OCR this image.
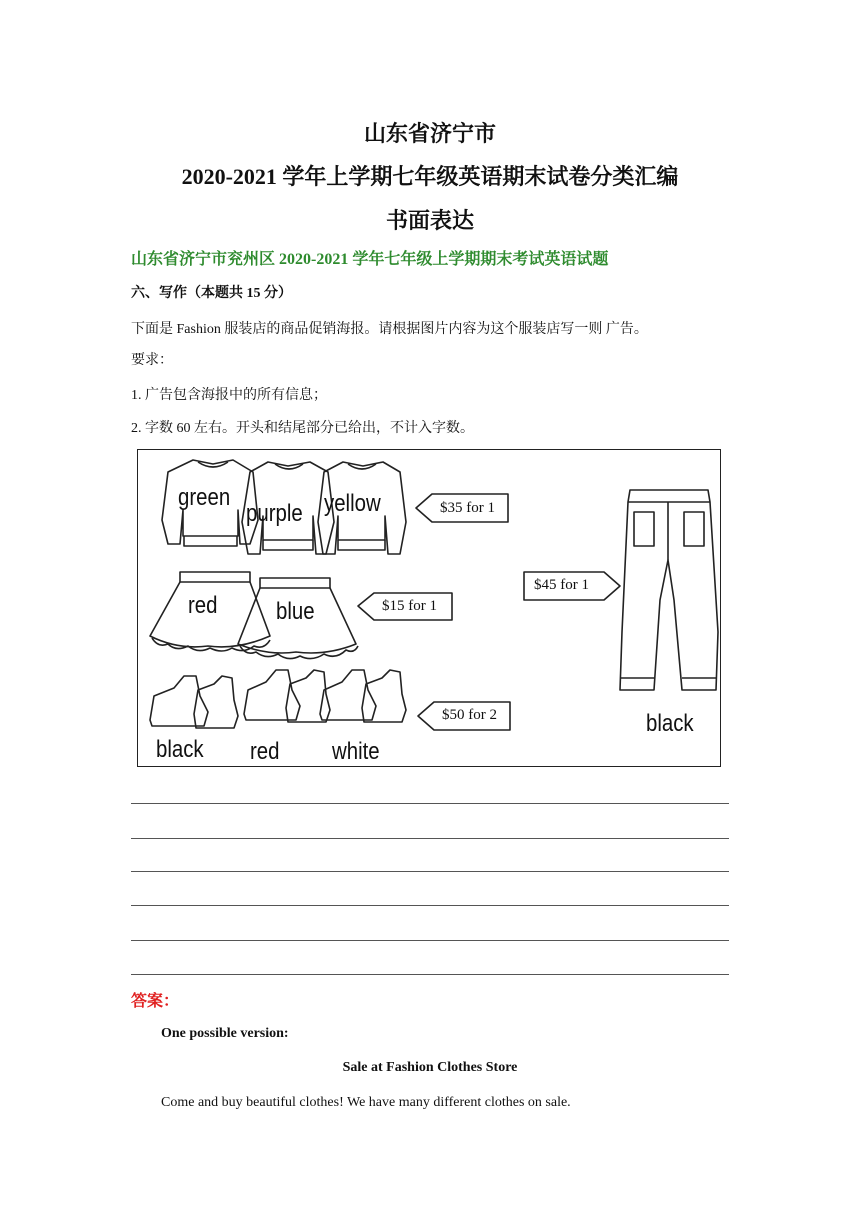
山东省济宁市
2020-2021 学年上学期七年级英语期末试卷分类汇编
书面表达
山东省济宁市兖州区 2020-2021 学年七年级上学期期末考试英语试题
六、写作（本题共 15 分）
下面是 Fashion 服装店的商品促销海报。请根据图片内容为这个服装店写一则 广告。
要求：
1. 广告包含海报中的所有信息；
2. 字数 60 左右。开头和结尾部分已给出，不计入字数。
green
purple yellow	$35 for 1
red blue	$15 for 1
black red white
$50 for 2	black
$45 for 1
答案：
One possible version:
Sale at Fashion Clothes Store
Come and buy beautiful clothes! We have many different clothes on sale.
